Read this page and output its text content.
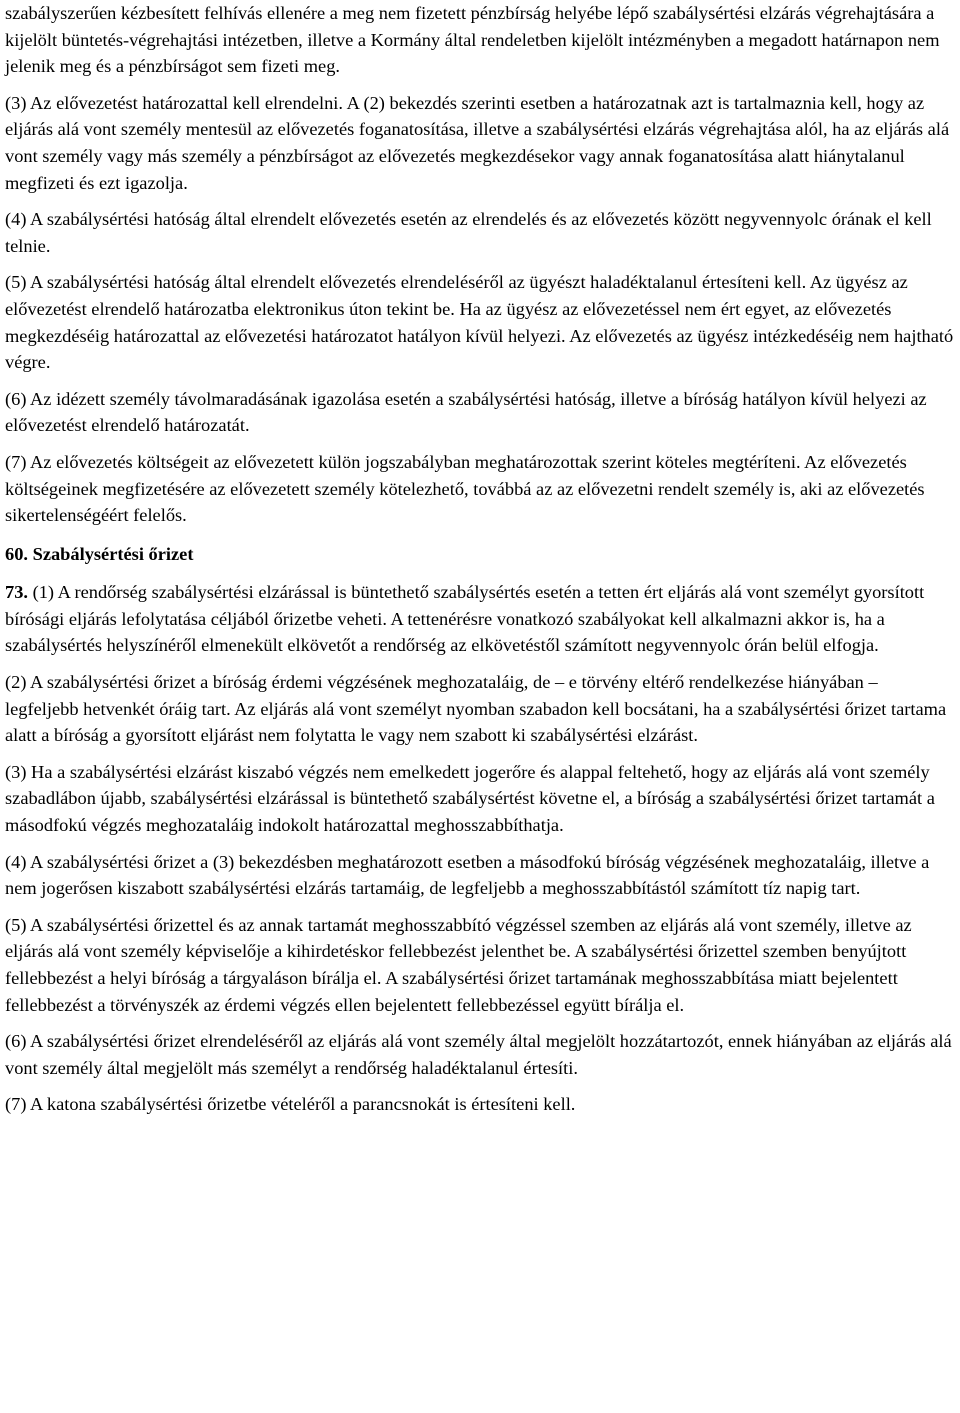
szabályszerűen kézbesített felhívás ellenére a meg nem fizetett pénzbírság helyébe lépő szabálysértési elzárás végrehajtására a kijelölt büntetés-végrehajtási intézetben, illetve a Kormány által rendeletben kijelölt intézményben a megadott határnapon nem jelenik meg és a pénzbírságot sem fizeti meg.

(3) Az elővezetést határozattal kell elrendelni. A (2) bekezdés szerinti esetben a határozatnak azt is tartalmaznia kell, hogy az eljárás alá vont személy mentesül az elővezetés foganatosítása, illetve a szabálysértési elzárás végrehajtása alól, ha az eljárás alá vont személy vagy más személy a pénzbírságot az elővezetés megkezdésekor vagy annak foganatosítása alatt hiánytalanul megfizeti és ezt igazolja.

(4) A szabálysértési hatóság által elrendelt elővezetés esetén az elrendelés és az elővezetés között negyvennyolc órának el kell telnie.

(5) A szabálysértési hatóság által elrendelt elővezetés elrendeléséről az ügyészt haladéktalanul értesíteni kell. Az ügyész az elővezetést elrendelő határozatba elektronikus úton tekint be. Ha az ügyész az elővezetéssel nem ért egyet, az elővezetés megkezdéséig határozattal az elővezetési határozatot hatályon kívül helyezi. Az elővezetés az ügyész intézkedéséig nem hajtható végre.

(6) Az idézett személy távolmaradásának igazolása esetén a szabálysértési hatóság, illetve a bíróság hatályon kívül helyezi az elővezetést elrendelő határozatát.

(7) Az elővezetés költségeit az elővezetett külön jogszabályban meghatározottak szerint köteles megtéríteni. Az elővezetés költségeinek megfizetésére az elővezetett személy kötelezhető, továbbá az az elővezetni rendelt személy is, aki az elővezetés sikertelenségéért felelős.

60. Szabálysértési őrizet

73. (1) A rendőrség szabálysértési elzárással is büntethető szabálysértés esetén a tetten ért eljárás alá vont személyt gyorsított bírósági eljárás lefolytatása céljából őrizetbe veheti. A tettenérésre vonatkozó szabályokat kell alkalmazni akkor is, ha a szabálysértés helyszínéről elmenekült elkövetőt a rendőrség az elkövetéstől számított negyvennyolc órán belül elfogja.

(2) A szabálysértési őrizet a bíróság érdemi végzésének meghozataláig, de – e törvény eltérő rendelkezése hiányában – legfeljebb hetvenkét óráig tart. Az eljárás alá vont személyt nyomban szabadon kell bocsátani, ha a szabálysértési őrizet tartama alatt a bíróság a gyorsított eljárást nem folytatta le vagy nem szabott ki szabálysértési elzárást.

(3) Ha a szabálysértési elzárást kiszabó végzés nem emelkedett jogerőre és alappal feltehető, hogy az eljárás alá vont személy szabadlábon újabb, szabálysértési elzárással is büntethető szabálysértést követne el, a bíróság a szabálysértési őrizet tartamát a másodfokú végzés meghozataláig indokolt határozattal meghosszabbíthatja.

(4) A szabálysértési őrizet a (3) bekezdésben meghatározott esetben a másodfokú bíróság végzésének meghozataláig, illetve a nem jogerősen kiszabott szabálysértési elzárás tartamáig, de legfeljebb a meghosszabbítástól számított tíz napig tart.

(5) A szabálysértési őrizettel és az annak tartamát meghosszabbító végzéssel szemben az eljárás alá vont személy, illetve az eljárás alá vont személy képviselője a kihirdetéskor fellebbezést jelenthet be. A szabálysértési őrizettel szemben benyújtott fellebbezést a helyi bíróság a tárgyaláson bírálja el. A szabálysértési őrizet tartamának meghosszabbítása miatt bejelentett fellebbezést a törvényszék az érdemi végzés ellen bejelentett fellebbezéssel együtt bírálja el.

(6) A szabálysértési őrizet elrendeléséről az eljárás alá vont személy által megjelölt hozzátartozót, ennek hiányában az eljárás alá vont személy által megjelölt más személyt a rendőrség haladéktalanul értesíti.

(7) A katona szabálysértési őrizetbe vételéről a parancsnokát is értesíteni kell.
